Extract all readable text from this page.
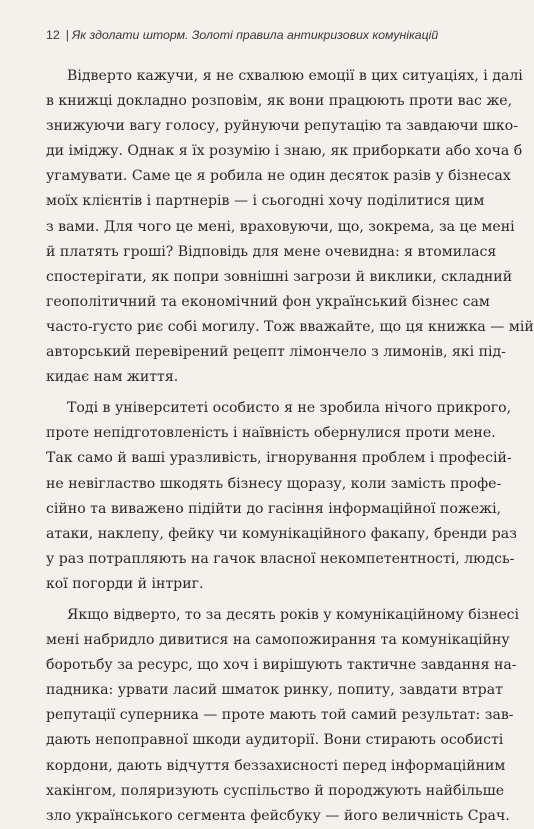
12 | Як здолати шторм. Золоті правила антикризових комунікацій
Відверто кажучи, я не схвалюю емоції в цих ситуаціях, і далі
в книжці докладно розповім, як вони працюють проти вас же,
знижуючи вагу голосу, руйнуючи репутацію та завдаючи шко-
ди іміджу. Однак я їх розумію і знаю, як приборкати або хоча б
угамувати. Саме це я робила не один десяток разів у бізнесах
моїх клієнтів і партнерів — і сьогодні хочу поділитися цим
з вами. Для чого це мені, враховуючи, що, зокрема, за це мені
й платять гроші? Відповідь для мене очевидна: я втомилася
спостерігати, як попри зовнішні загрози й виклики, складний
геополітичний та економічний фон український бізнес сам
часто-густо риє собі могилу. Тож вважайте, що ця книжка — мій
авторський перевірений рецепт лімончело з лимонів, які під-
кидає нам життя.
Тоді в університеті особисто я не зробила нічого прикрого,
проте непідготовленість і наївність обернулися проти мене.
Так само й ваші уразливість, ігнорування проблем і професій-
не невігластво шкодять бізнесу щоразу, коли замість профе-
сійно та виважено підійти до гасіння інформаційної пожежі,
атаки, наклепу, фейку чи комунікаційного факапу, бренди раз
у раз потрапляють на гачок власної некомпетентності, людсь-
кої погорди й інтриг.
Якщо відверто, то за десять років у комунікаційному бізнесі
мені набридло дивитися на самопожирання та комунікаційну
боротьбу за ресурс, що хоч і вирішують тактичне завдання на-
падника: урвати ласий шматок ринку, попиту, завдати втрат
репутації суперника — проте мають той самий результат: зав-
дають непоправної шкоди аудиторії. Вони стирають особисті
кордони, дають відчуття беззахисності перед інформаційним
хакінгом, поляризують суспільство й породжують найбільше
зло українського сегмента фейсбуку — його величність Срач.
